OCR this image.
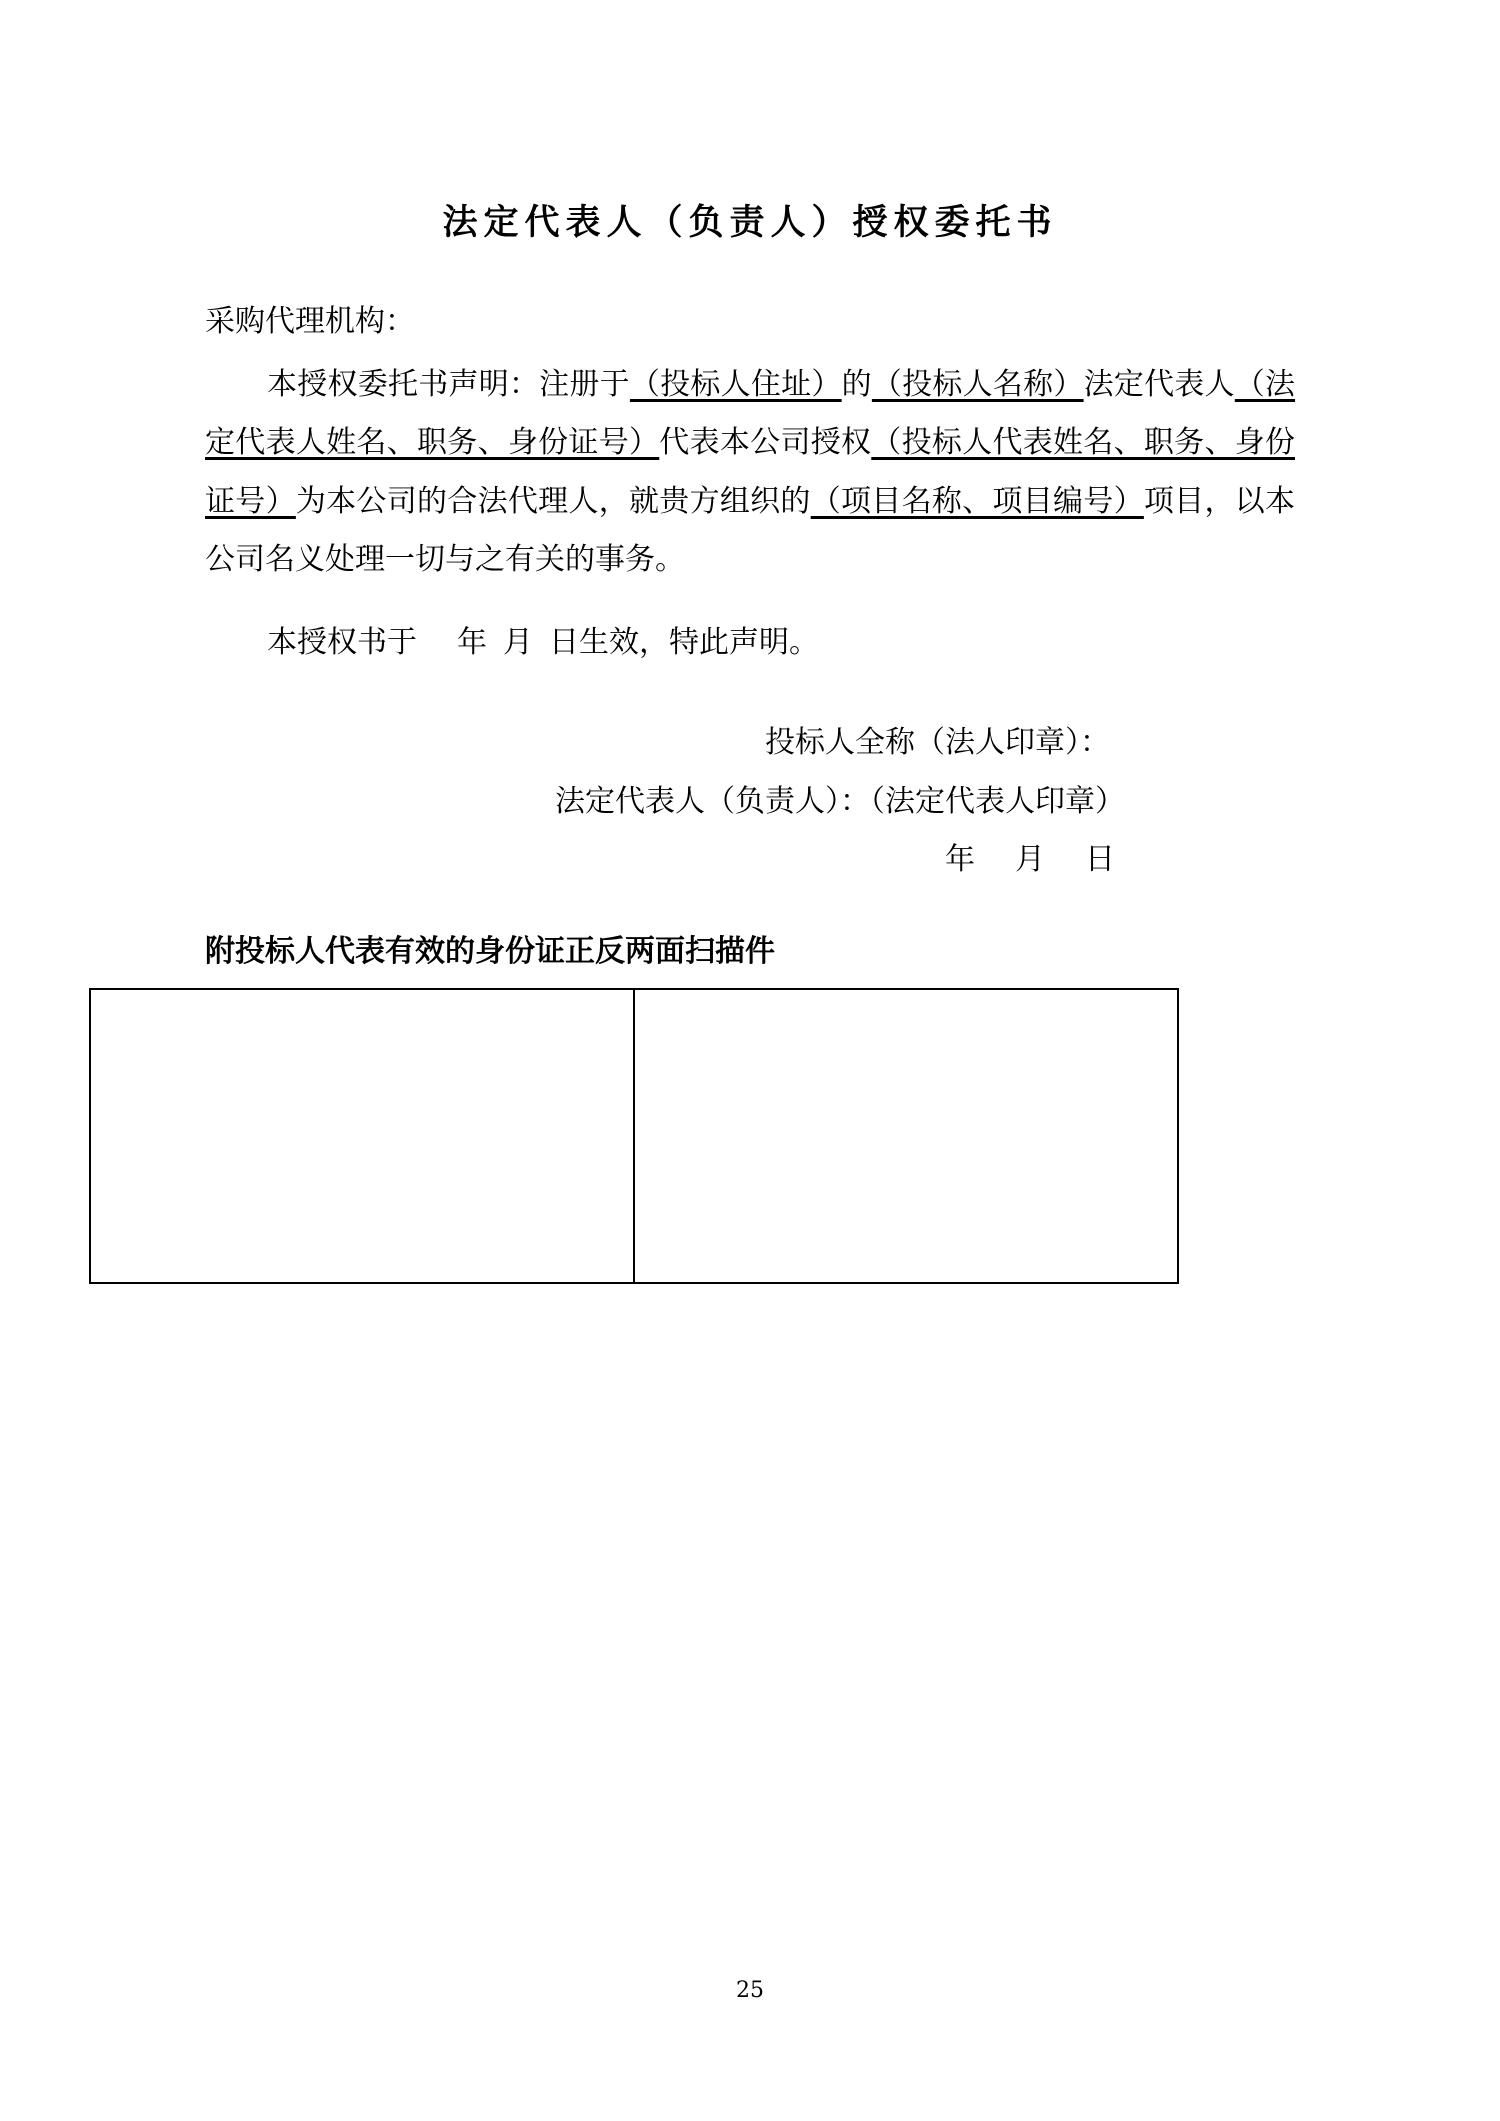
法定代表人（负责人）授权委托书

采购代理机构：

本授权委托书声明：注册于（投标人住址）的（投标人名称）法定代表人（法定代表人姓名、职务、身份证号）代表本公司授权（投标人代表姓名、职务、身份证号）为本公司的合法代理人，就贵方组织的（项目名称、项目编号）项目，以本公司名义处理一切与之有关的事务。

本授权书于 年 月 日生效，特此声明。

投标人全称（法人印章）：

法定代表人（负责人）：（法定代表人印章）

年 月 日

附投标人代表有效的身份证正反两面扫描件

25
